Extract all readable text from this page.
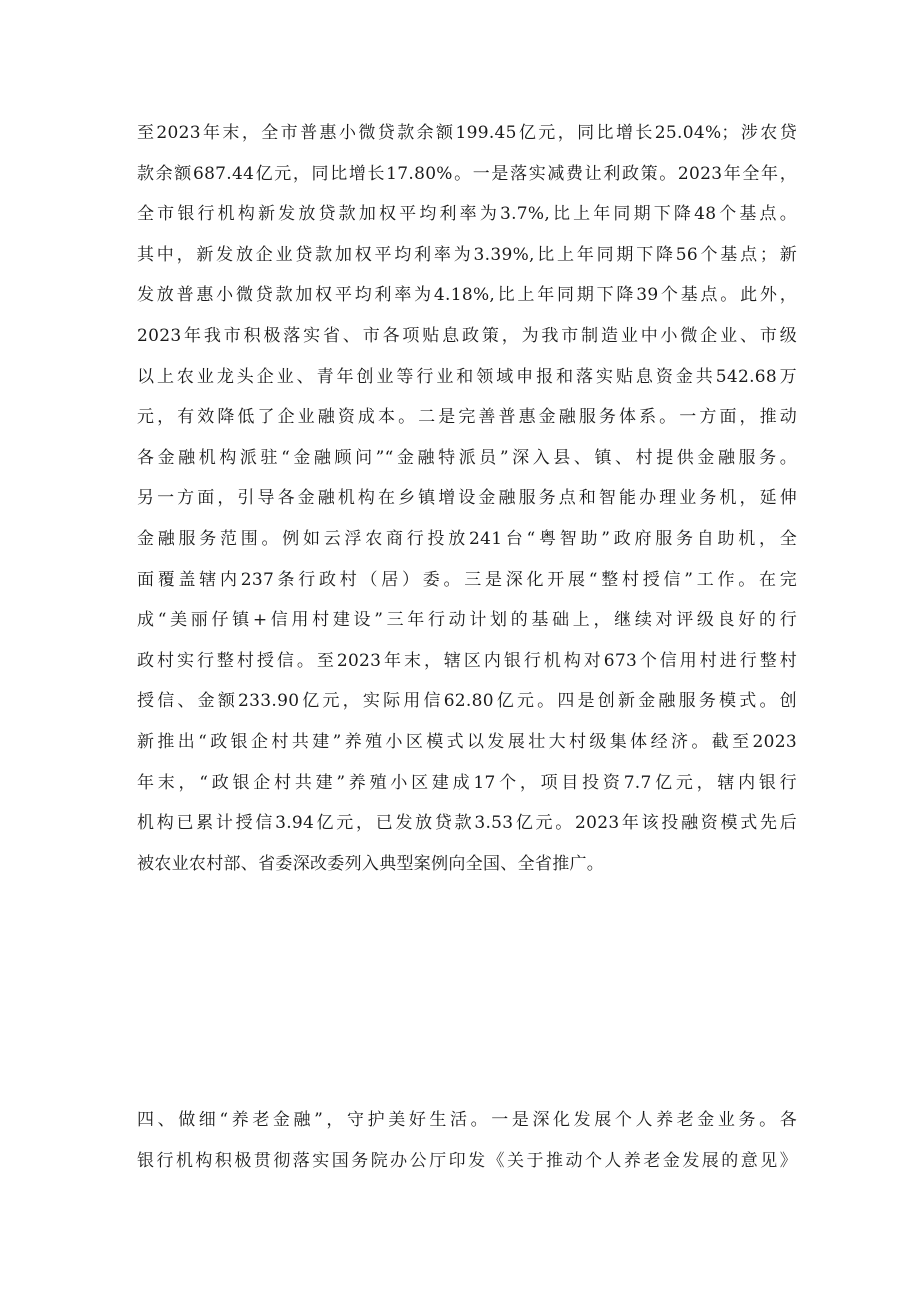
至2023年末，全市普惠小微贷款余额199.45亿元，同比增长25.04%；涉农贷
款余额687.44亿元，同比增长17.80%。一是落实减费让利政策。2023年全年，
全市银行机构新发放贷款加权平均利率为3.7%,比上年同期下降48个基点。
其中，新发放企业贷款加权平均利率为3.39%,比上年同期下降56个基点；新
发放普惠小微贷款加权平均利率为4.18%,比上年同期下降39个基点。此外，
2023年我市积极落实省、市各项贴息政策，为我市制造业中小微企业、市级
以上农业龙头企业、青年创业等行业和领域申报和落实贴息资金共542.68万
元，有效降低了企业融资成本。二是完善普惠金融服务体系。一方面，推动
各金融机构派驻“金融顾问”“金融特派员”深入县、镇、村提供金融服务。
另一方面，引导各金融机构在乡镇增设金融服务点和智能办理业务机，延伸
金融服务范围。例如云浮农商行投放241台“粤智助”政府服务自助机，全
面覆盖辖内237条行政村（居）委。三是深化开展“整村授信”工作。在完
成“美丽仔镇+信用村建设”三年行动计划的基础上，继续对评级良好的行
政村实行整村授信。至2023年末，辖区内银行机构对673个信用村进行整村
授信、金额233.90亿元，实际用信62.80亿元。四是创新金融服务模式。创
新推出“政银企村共建”养殖小区模式以发展壮大村级集体经济。截至2023
年末，“政银企村共建”养殖小区建成17个，项目投资7.7亿元，辖内银行
机构已累计授信3.94亿元，已发放贷款3.53亿元。2023年该投融资模式先后
被农业农村部、省委深改委列入典型案例向全国、全省推广。
四、做细“养老金融”，守护美好生活。一是深化发展个人养老金业务。各
银行机构积极贯彻落实国务院办公厅印发《关于推动个人养老金发展的意见》
